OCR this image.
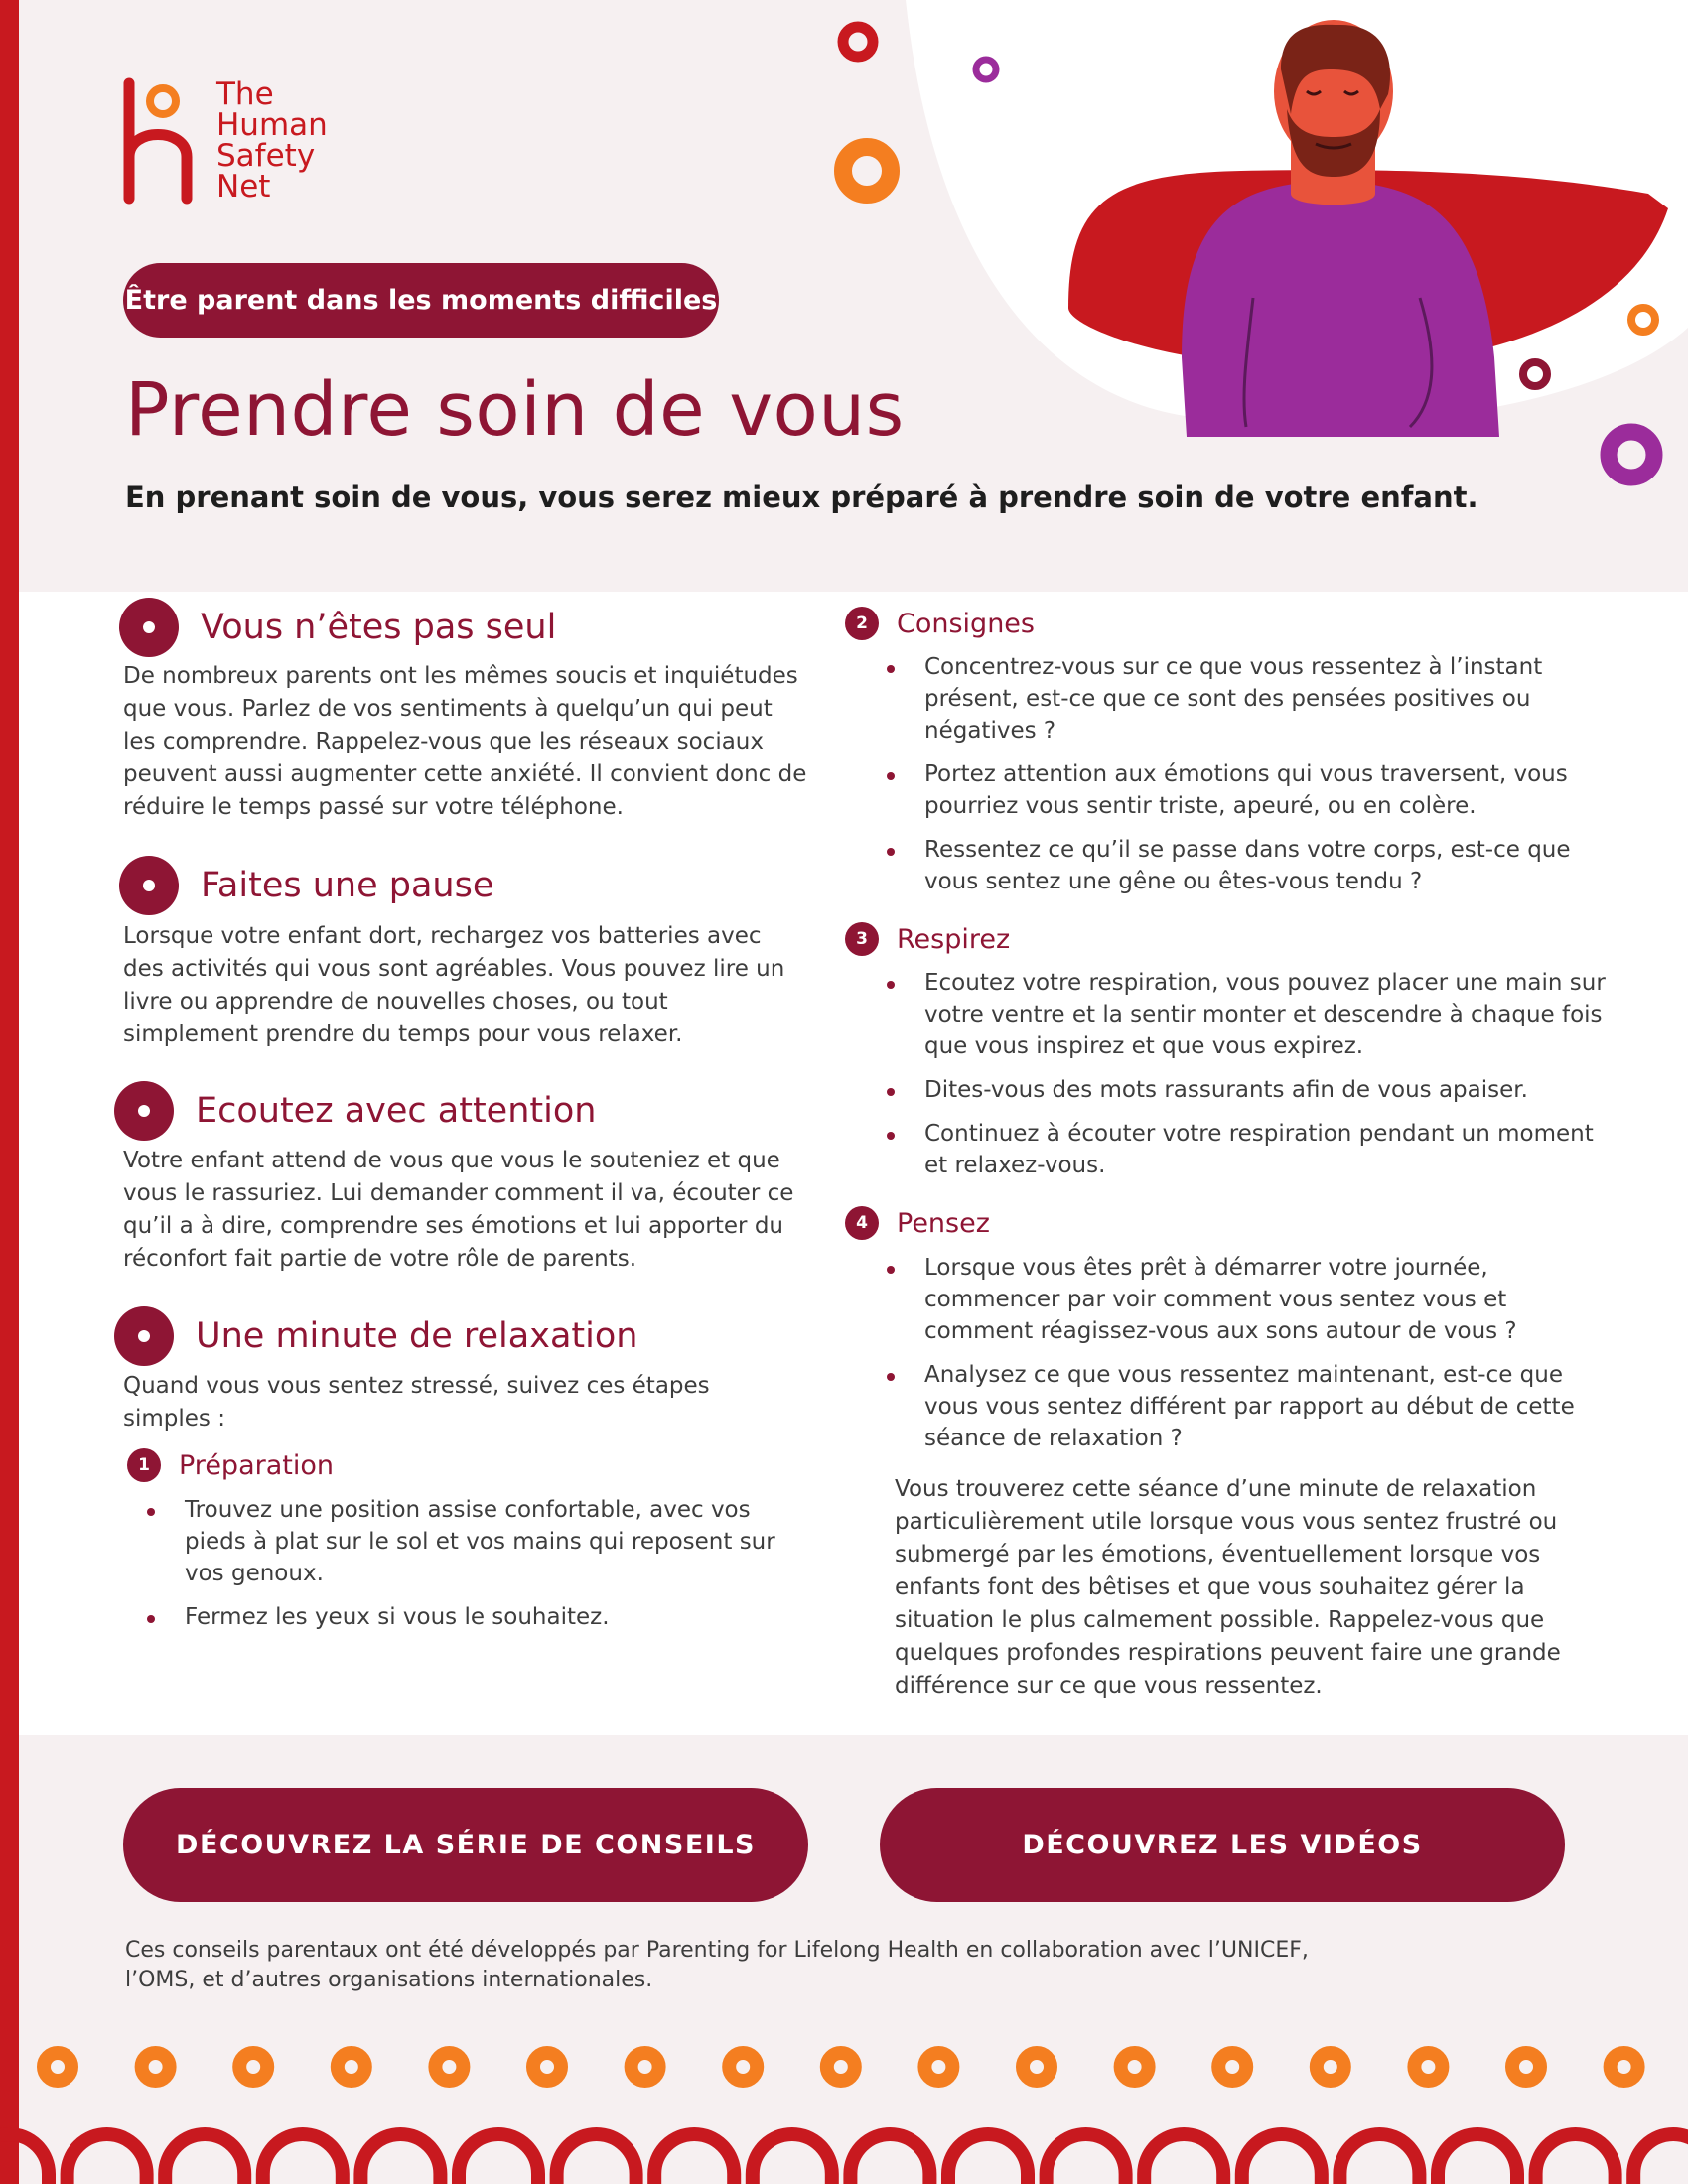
The
Human
Safety
Net
Être parent dans les moments difficiles
Prendre soin de vous

En prenant soin de vous, vous serez mieux préparé à prendre soin de votre enfant.

Vous n’êtes pas seul

De nombreux parents ont les mêmes soucis et inquiétudes que vous. Parlez de vos sentiments à quelqu’un qui peut les comprendre. Rappelez-vous que les réseaux sociaux peuvent aussi augmenter cette anxiété. Il convient donc de réduire le temps passé sur votre téléphone.

Faites une pause

Lorsque votre enfant dort, rechargez vos batteries avec des activités qui vous sont agréables. Vous pouvez lire un livre ou apprendre de nouvelles choses, ou tout simplement prendre du temps pour vous relaxer.

Ecoutez avec attention

Votre enfant attend de vous que vous le souteniez et que vous le rassuriez. Lui demander comment il va, écouter ce qu’il a à dire, comprendre ses émotions et lui apporter du réconfort fait partie de votre rôle de parents.

Une minute de relaxation

Quand vous vous sentez stressé, suivez ces étapes simples :

1	Préparation
Trouvez une position assise confortable, avec vos pieds à plat sur le sol et vos mains qui reposent sur vos genoux.
Fermez les yeux si vous le souhaitez.
2	Consignes
Concentrez-vous sur ce que vous ressentez à l’instant présent, est-ce que ce sont des pensées positives ou négatives ?
Portez attention aux émotions qui vous traversent, vous pourriez vous sentir triste, apeuré, ou en colère.
Ressentez ce qu’il se passe dans votre corps, est-ce que vous sentez une gêne ou êtes-vous tendu ?
3	Respirez
Ecoutez votre respiration, vous pouvez placer une main sur votre ventre et la sentir monter et descendre à chaque fois que vous inspirez et que vous expirez.
Dites-vous des mots rassurants afin de vous apaiser.
Continuez à écouter votre respiration pendant un moment et relaxez-vous.
4	Pensez
Lorsque vous êtes prêt à démarrer votre journée, commencer par voir comment vous sentez vous et comment réagissez-vous aux sons autour de vous ?
Analysez ce que vous ressentez maintenant, est-ce que vous vous sentez différent par rapport au début de cette séance de relaxation ?

Vous trouverez cette séance d’une minute de relaxation particulièrement utile lorsque vous vous sentez frustré ou submergé par les émotions, éventuellement lorsque vos enfants font des bêtises et que vous souhaitez gérer la situation le plus calmement possible. Rappelez-vous que quelques profondes respirations peuvent faire une grande différence sur ce que vous ressentez.

DÉCOUVREZ LA SÉRIE DE CONSEILS	DÉCOUVREZ LES VIDÉOS

Ces conseils parentaux ont été développés par Parenting for Lifelong Health en collaboration avec l’UNICEF, l’OMS, et d’autres organisations internationales.
